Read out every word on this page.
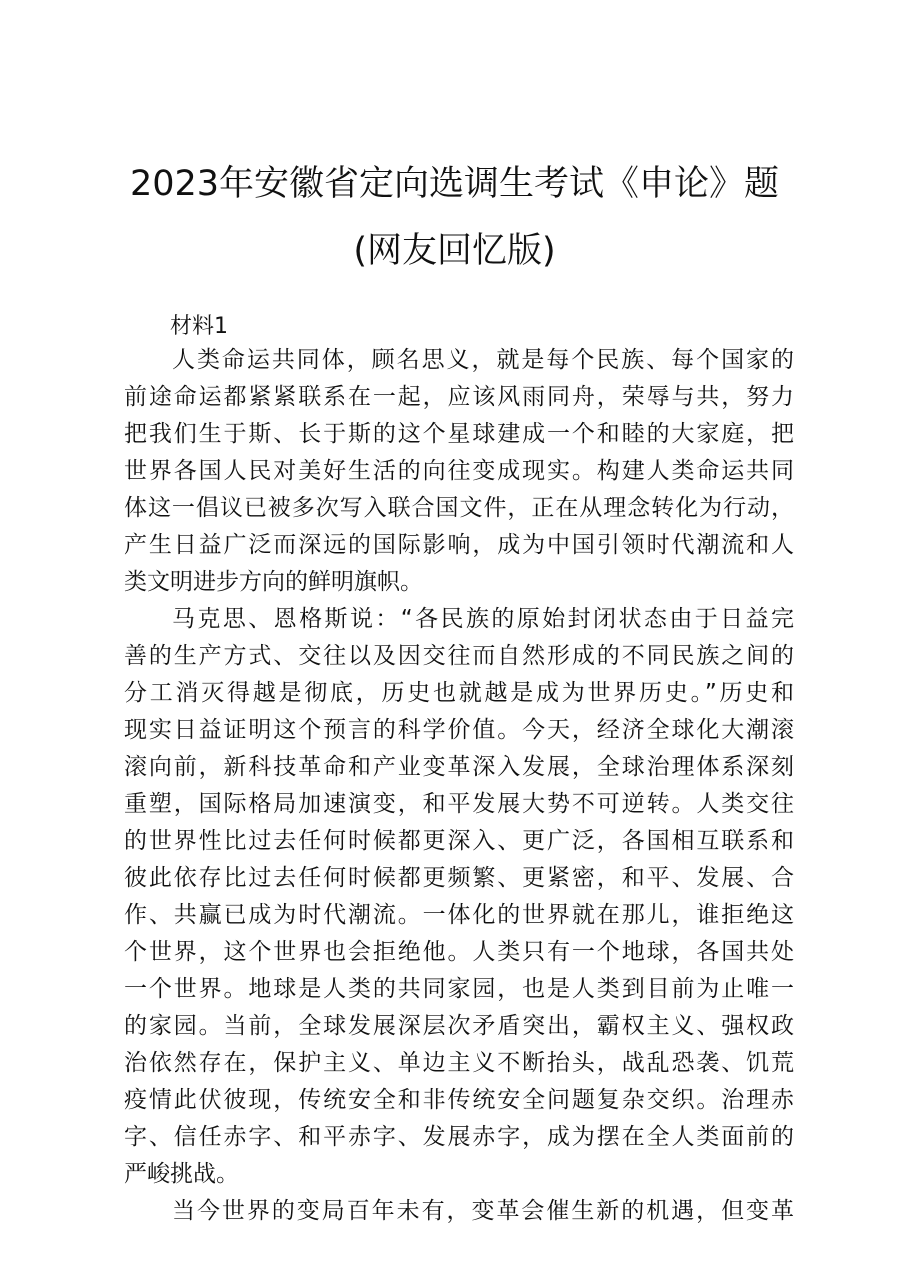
2023年安徽省定向选调生考试《申论》题
(网友回忆版)
材料1
人类命运共同体，顾名思义，就是每个民族、每个国家的
前途命运都紧紧联系在一起，应该风雨同舟，荣辱与共，努力
把我们生于斯、长于斯的这个星球建成一个和睦的大家庭，把
世界各国人民对美好生活的向往变成现实。构建人类命运共同
体这一倡议已被多次写入联合国文件，正在从理念转化为行动，
产生日益广泛而深远的国际影响，成为中国引领时代潮流和人
类文明进步方向的鲜明旗帜。
马克思、恩格斯说：“各民族的原始封闭状态由于日益完
善的生产方式、交往以及因交往而自然形成的不同民族之间的
分工消灭得越是彻底，历史也就越是成为世界历史。”历史和
现实日益证明这个预言的科学价值。今天，经济全球化大潮滚
滚向前，新科技革命和产业变革深入发展，全球治理体系深刻
重塑，国际格局加速演变，和平发展大势不可逆转。人类交往
的世界性比过去任何时候都更深入、更广泛，各国相互联系和
彼此依存比过去任何时候都更频繁、更紧密，和平、发展、合
作、共赢已成为时代潮流。一体化的世界就在那儿，谁拒绝这
个世界，这个世界也会拒绝他。人类只有一个地球，各国共处
一个世界。地球是人类的共同家园，也是人类到目前为止唯一
的家园。当前，全球发展深层次矛盾突出，霸权主义、强权政
治依然存在，保护主义、单边主义不断抬头，战乱恐袭、饥荒
疫情此伏彼现，传统安全和非传统安全问题复杂交织。治理赤
字、信任赤字、和平赤字、发展赤字，成为摆在全人类面前的
严峻挑战。
当今世界的变局百年未有，变革会催生新的机遇，但变革
